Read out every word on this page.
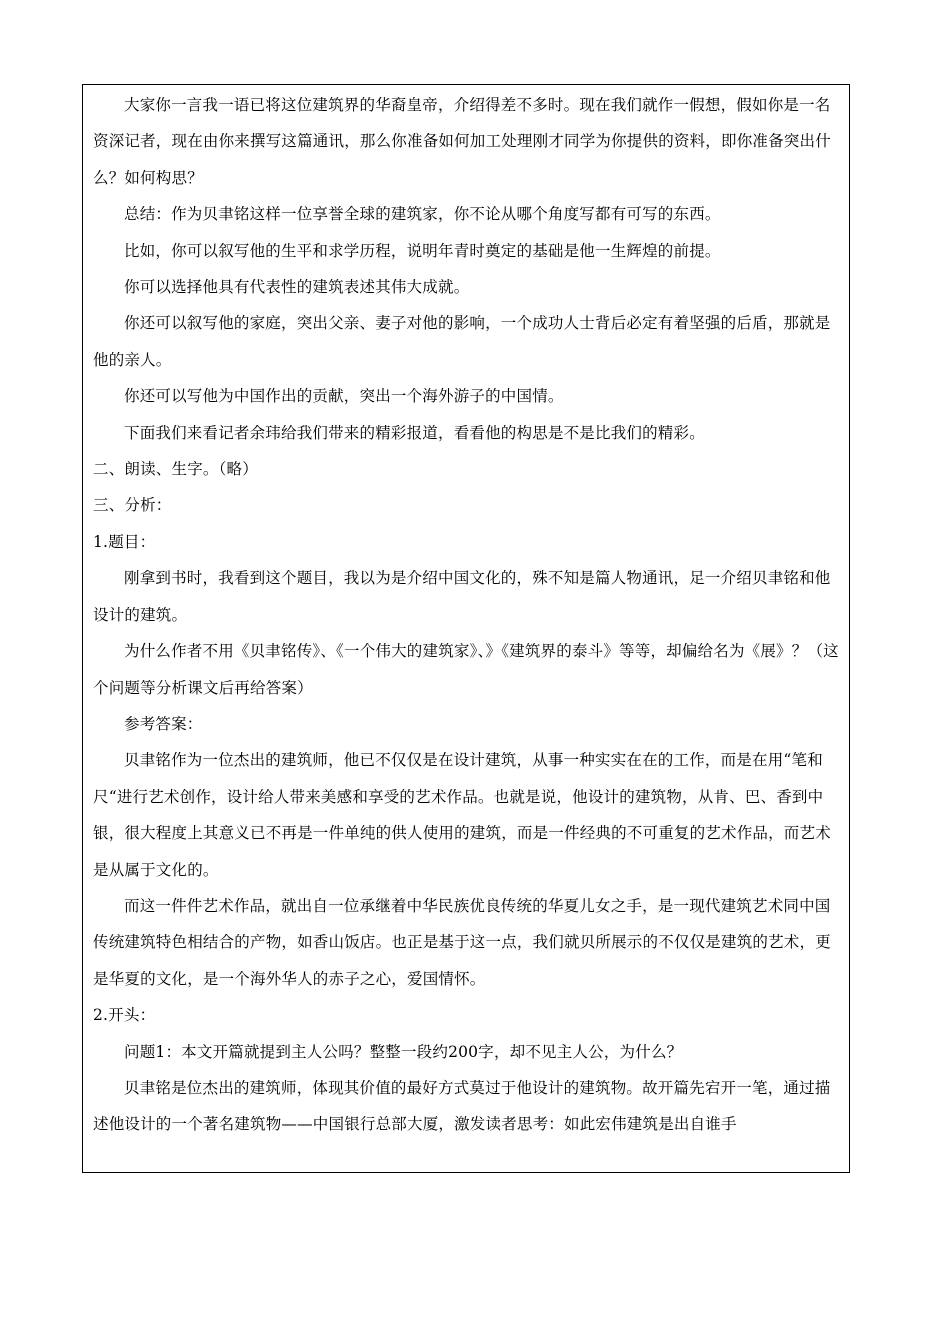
大家你一言我一语已将这位建筑界的华裔皇帝，介绍得差不多时。现在我们就作一假想，假如你是一名资深记者，现在由你来撰写这篇通讯，那么你准备如何加工处理刚才同学为你提供的资料，即你准备突出什么？如何构思？

总结：作为贝聿铭这样一位享誉全球的建筑家，你不论从哪个角度写都有可写的东西。

比如，你可以叙写他的生平和求学历程，说明年青时奠定的基础是他一生辉煌的前提。

你可以选择他具有代表性的建筑表述其伟大成就。

你还可以叙写他的家庭，突出父亲、妻子对他的影响，一个成功人士背后必定有着坚强的后盾，那就是他的亲人。

你还可以写他为中国作出的贡献，突出一个海外游子的中国情。

下面我们来看记者余玮给我们带来的精彩报道，看看他的构思是不是比我们的精彩。

二、朗读、生字。（略）

三、分析：

1.题目：

刚拿到书时，我看到这个题目，我以为是介绍中国文化的，殊不知是篇人物通讯，足一介绍贝聿铭和他设计的建筑。

为什么作者不用《贝聿铭传》、《一个伟大的建筑家》、》《建筑界的泰斗》等等，却偏给名为《展》？（这个问题等分析课文后再给答案）

参考答案：

贝聿铭作为一位杰出的建筑师，他已不仅仅是在设计建筑，从事一种实实在在的工作，而是在用“笔和尺“进行艺术创作，设计给人带来美感和享受的艺术作品。也就是说，他设计的建筑物，从肯、巴、香到中银，很大程度上其意义已不再是一件单纯的供人使用的建筑，而是一件经典的不可重复的艺术作品，而艺术是从属于文化的。

而这一件件艺术作品，就出自一位承继着中华民族优良传统的华夏儿女之手，是一现代建筑艺术同中国传统建筑特色相结合的产物，如香山饭店。也正是基于这一点，我们就贝所展示的不仅仅是建筑的艺术，更是华夏的文化，是一个海外华人的赤子之心，爱国情怀。

2.开头：

问题1：本文开篇就提到主人公吗？整整一段约200字，却不见主人公，为什么？

贝聿铭是位杰出的建筑师，体现其价值的最好方式莫过于他设计的建筑物。故开篇先宕开一笔，通过描述他设计的一个著名建筑物——中国银行总部大厦，激发读者思考：如此宏伟建筑是出自谁手
